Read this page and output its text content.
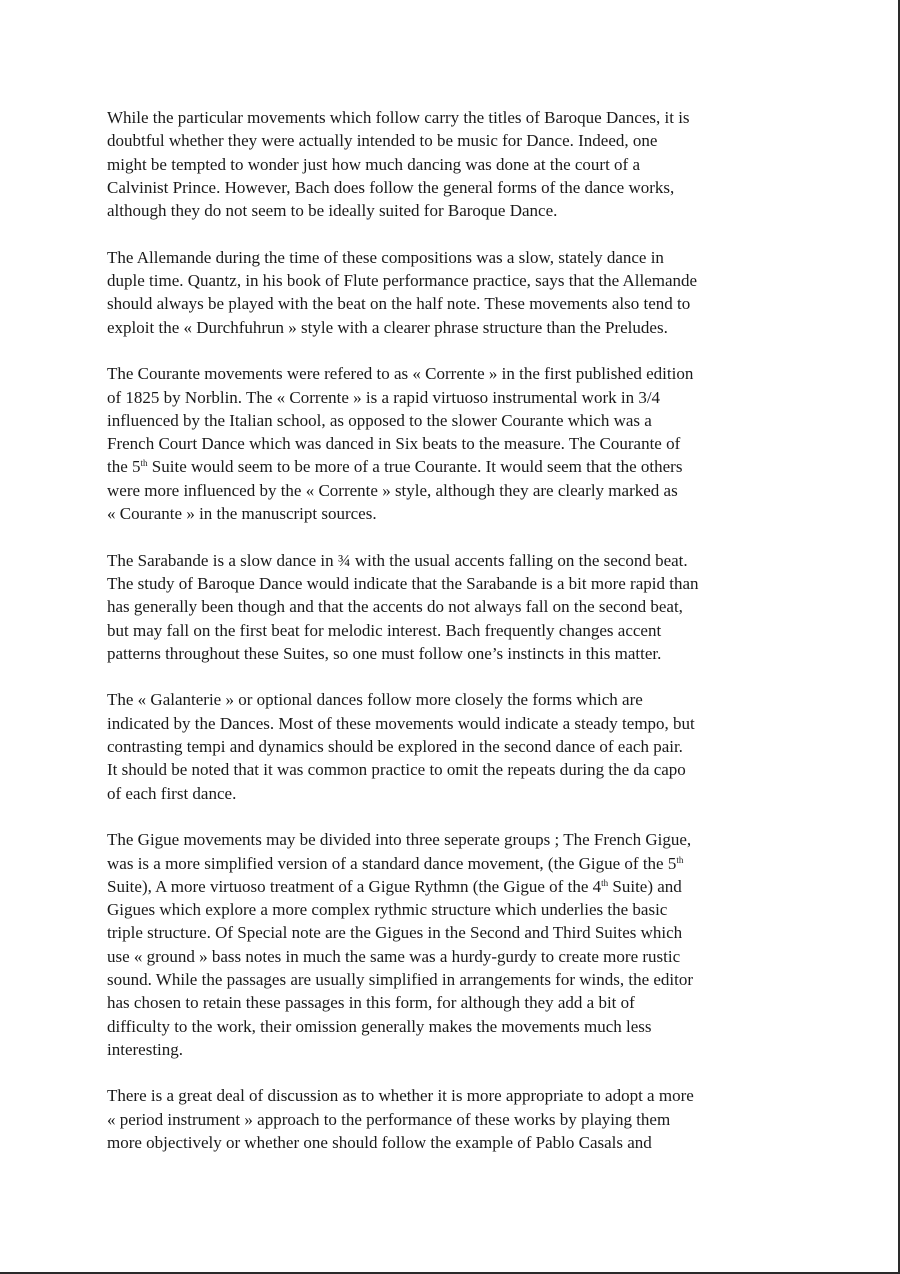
While the particular movements which follow carry the titles of Baroque Dances, it is
doubtful whether they were actually intended to be music for Dance. Indeed, one
might be tempted to wonder just how much dancing was done at the court of a
Calvinist Prince. However, Bach does follow the general forms of the dance works,
although they do not seem to be ideally suited for Baroque Dance.
The Allemande during the time of these compositions was a slow, stately dance in
duple time. Quantz, in his book of Flute performance practice, says that the Allemande
should always be played with the beat on the half note. These movements also tend to
exploit the « Durchfuhrun » style with a clearer phrase structure than the Preludes.
The Courante movements were refered to as « Corrente » in the first published edition
of 1825 by Norblin. The « Corrente » is a rapid virtuoso instrumental work in 3/4
influenced by the Italian school, as opposed to the slower Courante which was a
French Court Dance which was danced in Six beats to the measure. The Courante of
the 5th Suite would seem to be more of a true Courante. It would seem that the others
were more influenced by the « Corrente » style, although they are clearly marked as
« Courante » in the manuscript sources.
The Sarabande is a slow dance in ¾ with the usual accents falling on the second beat.
The study of Baroque Dance would indicate that the Sarabande is a bit more rapid than
has generally been though and that the accents do not always fall on the second beat,
but may fall on the first beat for melodic interest. Bach frequently changes accent
patterns throughout these Suites, so one must follow one’s instincts in this matter.
The « Galanterie » or optional dances follow more closely the forms which are
indicated by the Dances. Most of these movements would indicate a steady tempo, but
contrasting tempi and dynamics should be explored in the second dance of each pair.
It should be noted that it was common practice to omit the repeats during the da capo
of each first dance.
The Gigue movements may be divided into three seperate groups ; The French Gigue,
was is a more simplified version of a standard dance movement, (the Gigue of the 5th
Suite), A more virtuoso treatment of a Gigue Rythmn (the Gigue of the 4th Suite) and
Gigues which explore a more complex rythmic structure which underlies the basic
triple structure. Of Special note are the Gigues in the Second and Third Suites which
use « ground » bass notes in much the same was a hurdy-gurdy to create more rustic
sound. While the passages are usually simplified in arrangements for winds, the editor
has chosen to retain these passages in this form, for although they add a bit of
difficulty to the work, their omission generally makes the movements much less
interesting.
There is a great deal of discussion as to whether it is more appropriate to adopt a more
« period instrument » approach to the performance of these works by playing them
more objectively or whether one should follow the example of Pablo Casals and
